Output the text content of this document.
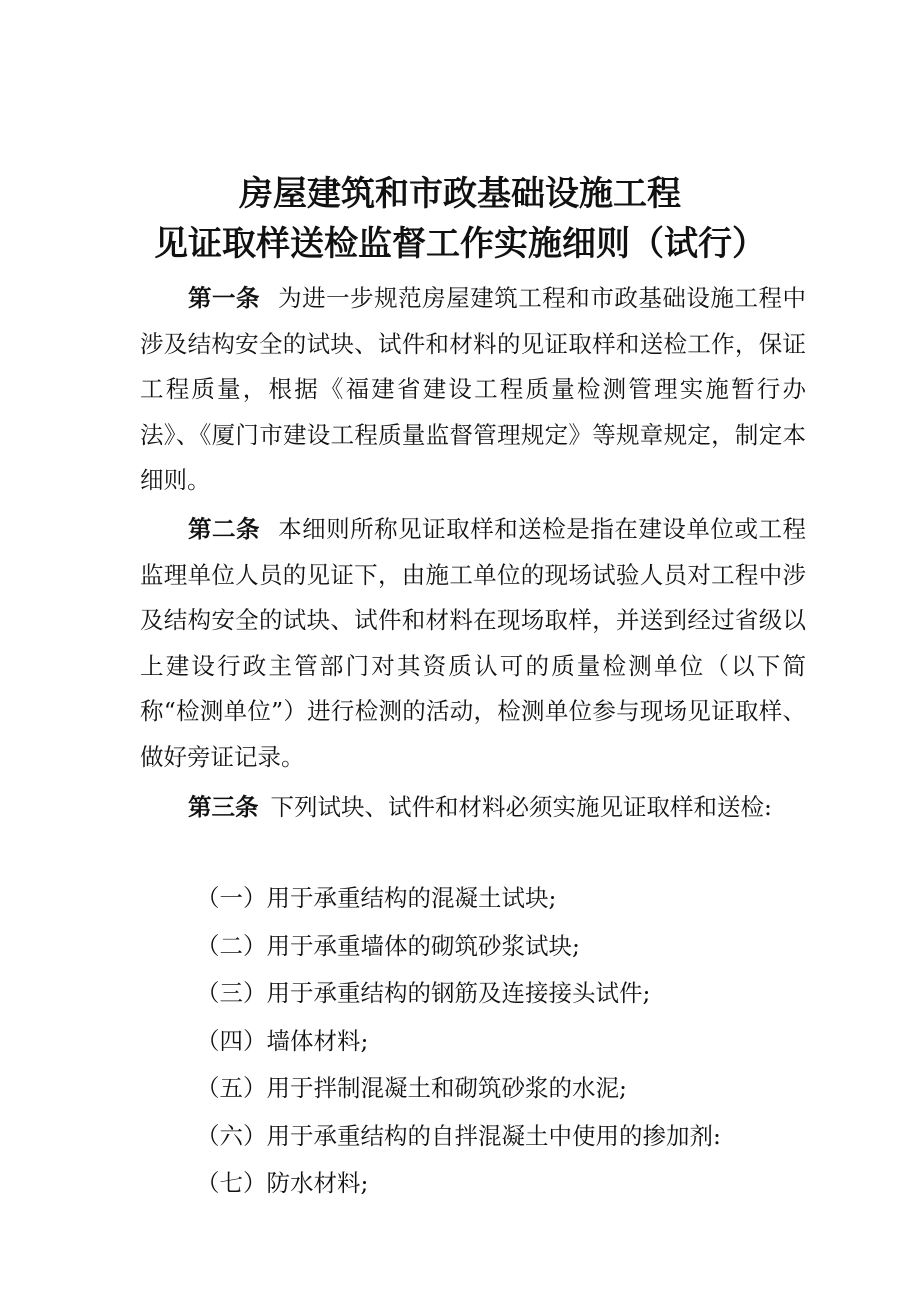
房屋建筑和市政基础设施工程
见证取样送检监督工作实施细则（试行）

第一条 为进一步规范房屋建筑工程和市政基础设施工程中涉及结构安全的试块、试件和材料的见证取样和送检工作，保证工程质量，根据《福建省建设工程质量检测管理实施暂行办法》、《厦门市建设工程质量监督管理规定》等规章规定，制定本细则。

第二条 本细则所称见证取样和送检是指在建设单位或工程监理单位人员的见证下，由施工单位的现场试验人员对工程中涉及结构安全的试块、试件和材料在现场取样，并送到经过省级以上建设行政主管部门对其资质认可的质量检测单位（以下简称“检测单位”）进行检测的活动，检测单位参与现场见证取样、做好旁证记录。

第三条 下列试块、试件和材料必须实施见证取样和送检:

（一）用于承重结构的混凝土试块;
（二）用于承重墙体的砌筑砂浆试块;
（三）用于承重结构的钢筋及连接接头试件;
（四）墙体材料;
（五）用于拌制混凝土和砌筑砂浆的水泥;
（六）用于承重结构的自拌混凝土中使用的掺加剂:
（七）防水材料;
